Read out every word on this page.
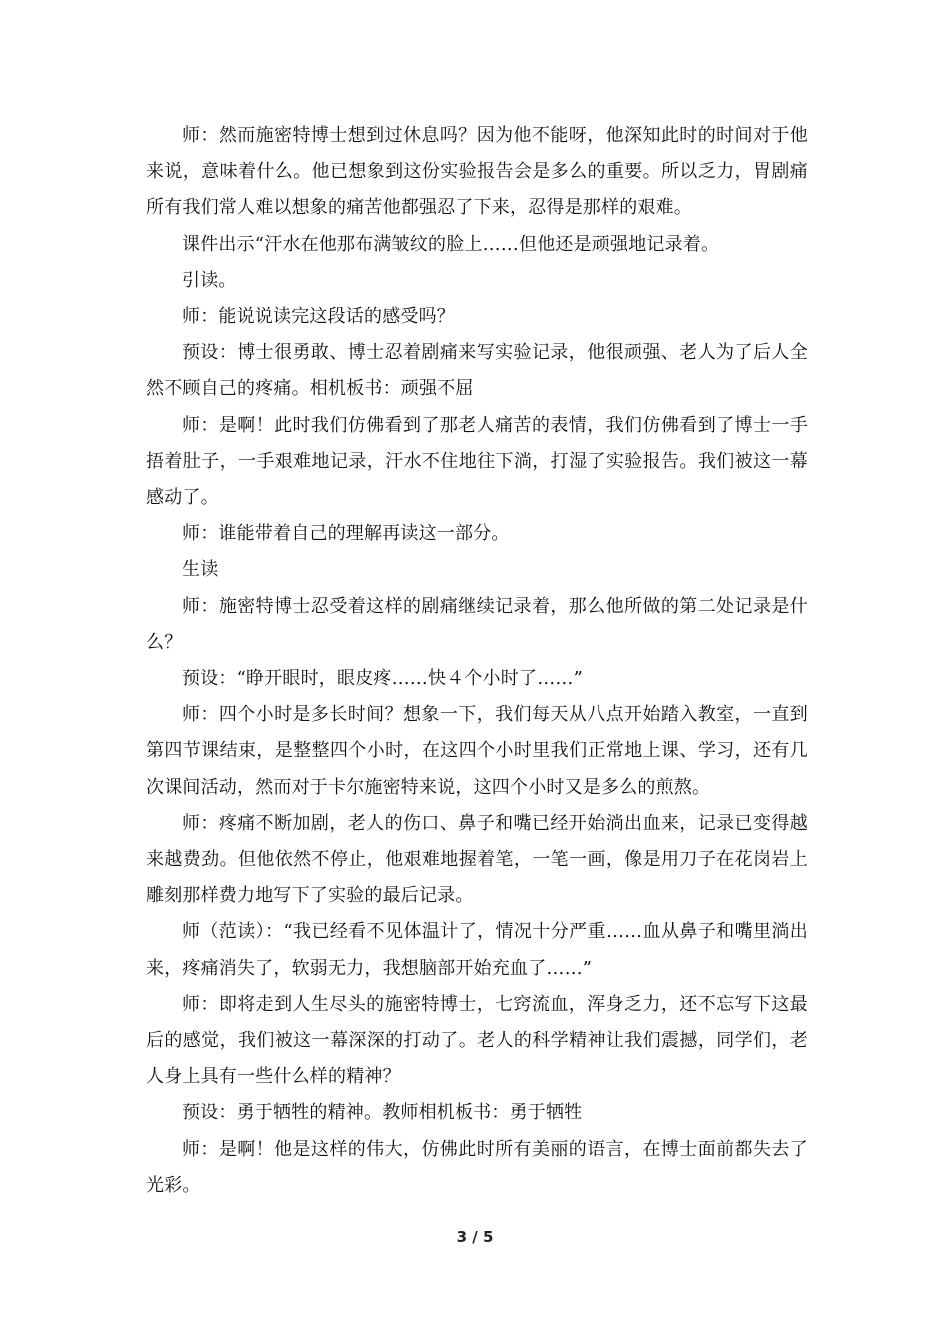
师：然而施密特博士想到过休息吗？因为他不能呀，他深知此时的时间对于他来说，意味着什么。他已想象到这份实验报告会是多么的重要。所以乏力，胃剧痛所有我们常人难以想象的痛苦他都强忍了下来，忍得是那样的艰难。

课件出示“汗水在他那布满皱纹的脸上……但他还是顽强地记录着。

引读。

师：能说说读完这段话的感受吗？

预设：博士很勇敢、博士忍着剧痛来写实验记录，他很顽强、老人为了后人全然不顾自己的疼痛。相机板书：顽强不屈

师：是啊！此时我们仿佛看到了那老人痛苦的表情，我们仿佛看到了博士一手捂着肚子，一手艰难地记录，汗水不住地往下淌，打湿了实验报告。我们被这一幕感动了。

师：谁能带着自己的理解再读这一部分。

生读

师：施密特博士忍受着这样的剧痛继续记录着，那么他所做的第二处记录是什么？

预设：“睁开眼时，眼皮疼……快４个小时了……”

师：四个小时是多长时间？想象一下，我们每天从八点开始踏入教室，一直到第四节课结束，是整整四个小时，在这四个小时里我们正常地上课、学习，还有几次课间活动，然而对于卡尔施密特来说，这四个小时又是多么的煎熬。

师：疼痛不断加剧，老人的伤口、鼻子和嘴已经开始淌出血来，记录已变得越来越费劲。但他依然不停止，他艰难地握着笔，一笔一画，像是用刀子在花岗岩上雕刻那样费力地写下了实验的最后记录。

师（范读）：“我已经看不见体温计了，情况十分严重……血从鼻子和嘴里淌出来，疼痛消失了，软弱无力，我想脑部开始充血了……”

师：即将走到人生尽头的施密特博士，七窍流血，浑身乏力，还不忘写下这最后的感觉，我们被这一幕深深的打动了。老人的科学精神让我们震撼，同学们，老人身上具有一些什么样的精神？

预设：勇于牺牲的精神。教师相机板书：勇于牺牲

师：是啊！他是这样的伟大，仿佛此时所有美丽的语言，在博士面前都失去了光彩。

3 / 5
